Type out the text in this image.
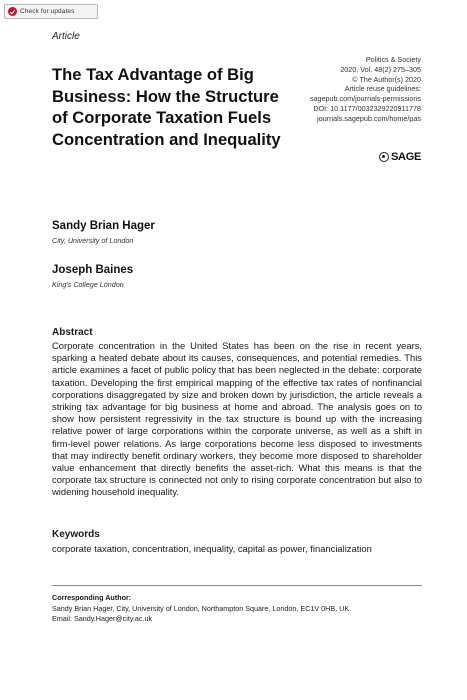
Check for updates
Article
Politics & Society
2020, Vol. 48(2) 275–305
© The Author(s) 2020
Article reuse guidelines:
sagepub.com/journals-permissions
DOI: 10.1177/0032329220911778
journals.sagepub.com/home/pas
SAGE
The Tax Advantage of Big Business: How the Structure of Corporate Taxation Fuels Concentration and Inequality

Sandy Brian Hager

City, University of London

Joseph Baines

King's College London

Abstract

Corporate concentration in the United States has been on the rise in recent years, sparking a heated debate about its causes, consequences, and potential remedies. This article examines a facet of public policy that has been neglected in the debate: corporate taxation. Developing the first empirical mapping of the effective tax rates of nonfinancial corporations disaggregated by size and broken down by jurisdiction, the article reveals a striking tax advantage for big business at home and abroad. The analysis goes on to show how persistent regressivity in the tax structure is bound up with the increasing relative power of large corporations within the corporate universe, as well as a shift in firm-level power relations. As large corporations become less disposed to investments that may indirectly benefit ordinary workers, they become more disposed to shareholder value enhancement that directly benefits the asset-rich. What this means is that the corporate tax structure is connected not only to rising corporate concentration but also to widening household inequality.

Keywords

corporate taxation, concentration, inequality, capital as power, financialization

Corresponding Author:

Sandy Brian Hager, City, University of London, Northampton Square, London, EC1V 0HB, UK.

Email: Sandy.Hager@city.ac.uk
